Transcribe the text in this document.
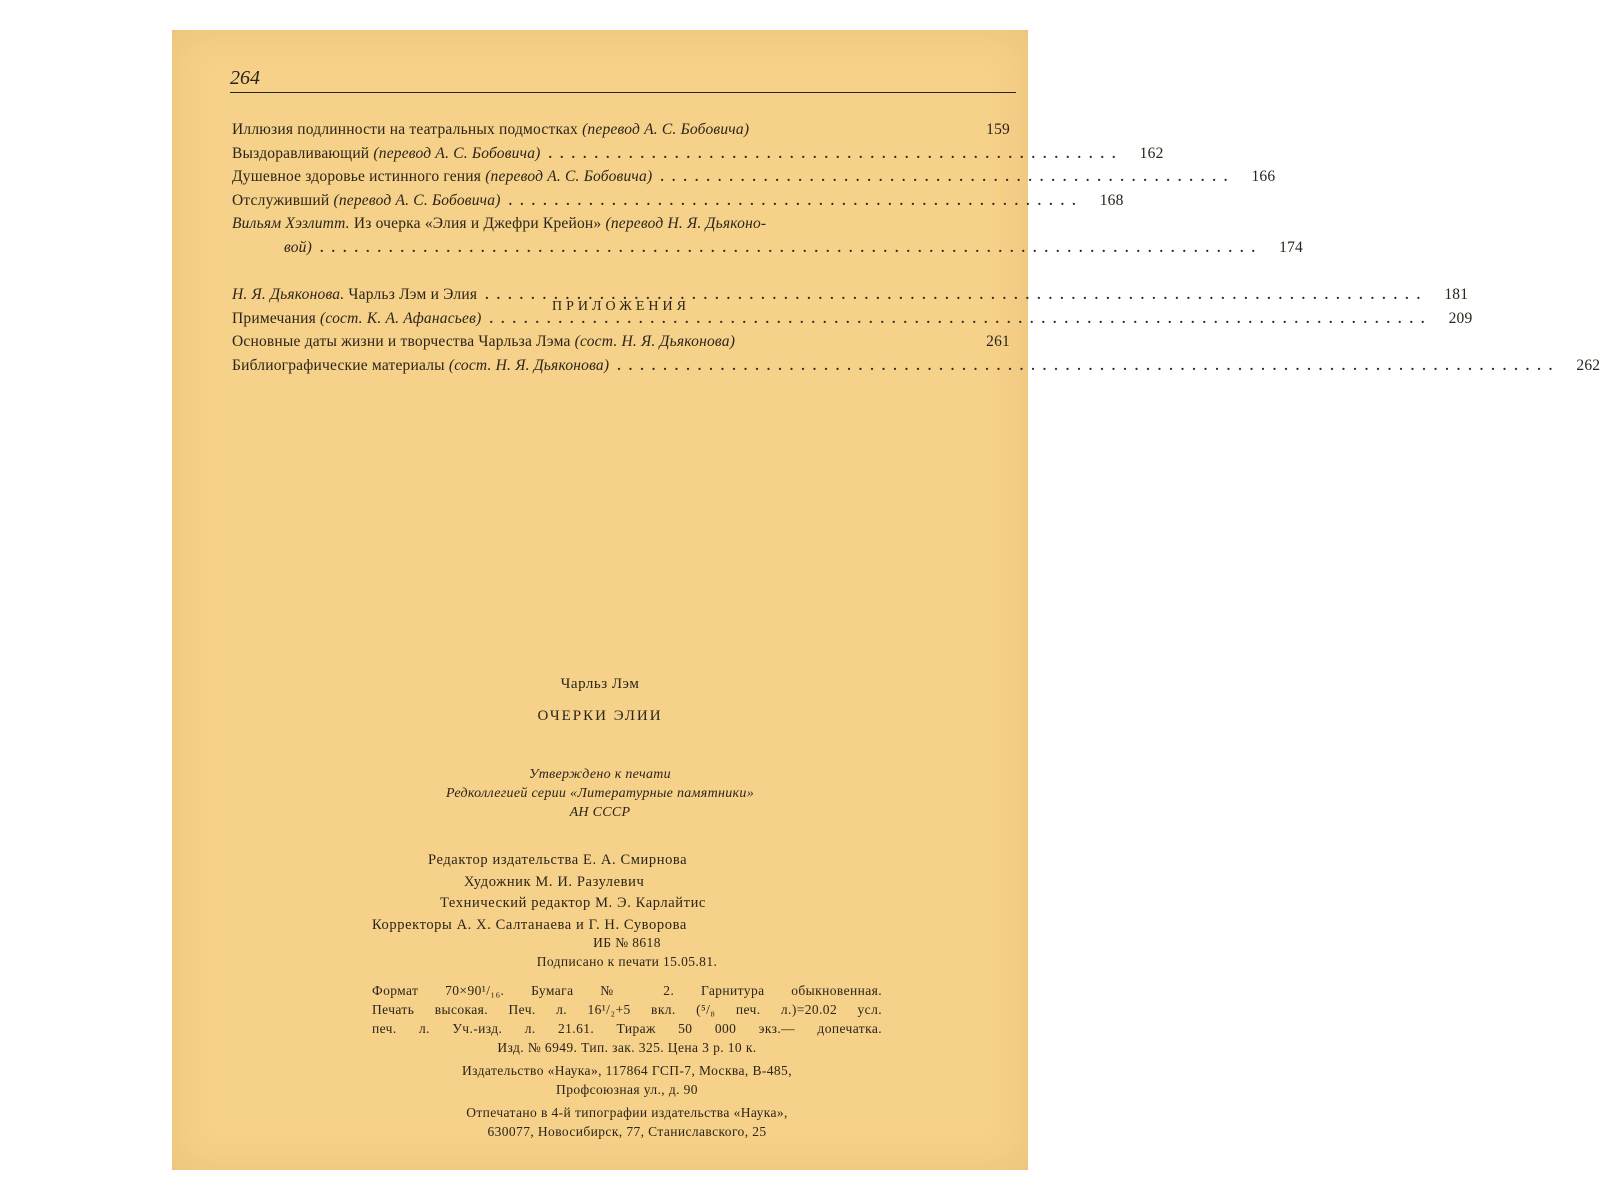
264
Иллюзия подлинности на театральных подмостках (перевод А. С. Бобовича)	159
Выздоравливающий (перевод А. С. Бобовича) ..................................................	162
Душевное здоровье истинного гения (перевод А. С. Бобовича) ..................................................	166
Отслуживший (перевод А. С. Бобовича) ..................................................	168
Вильям Хэзлитт. Из очерка «Элия и Джефри Крейон» (перевод Н. Я. Дьяконо-
вой) ..................................................................................	174
ПРИЛОЖЕНИЯ
Н. Я. Дьяконова. Чарльз Лэм и Элия ..................................................................................	181
Примечания (сост. К. А. Афанасьев) ..................................................................................	209
Основные даты жизни и творчества Чарльза Лэма (сост. Н. Я. Дьяконова)	261
Библиографические материалы (сост. Н. Я. Дьяконова) ..................................................................................	262
Чарльз Лэм
ОЧЕРКИ ЭЛИИ
Утверждено к печати
Редколлегией серии «Литературные памятники»
АН СССР
Редактор издательства Е. А. Смирнова
Художник М. И. Разулевич
Технический редактор М. Э. Карлайтис
Корректоры А. Х. Салтанаева и Г. Н. Суворова
ИБ № 8618
Подписано к печати 15.05.81.
Формат 70×90¹/₁₆. Бумага № 2. Гарнитура обыкновенная.
Печать высокая. Печ. л. 16¹/₂+5 вкл. (⁵/₈ печ. л.)=20.02 усл.
печ. л. Уч.-изд. л. 21.61. Тираж 50 000 экз.— допечатка.
Изд. № 6949. Тип. зак. 325. Цена 3 р. 10 к.
Издательство «Наука», 117864 ГСП-7, Москва, В-485,
Профсоюзная ул., д. 90
Отпечатано в 4-й типографии издательства «Наука»,
630077, Новосибирск, 77, Станиславского, 25
